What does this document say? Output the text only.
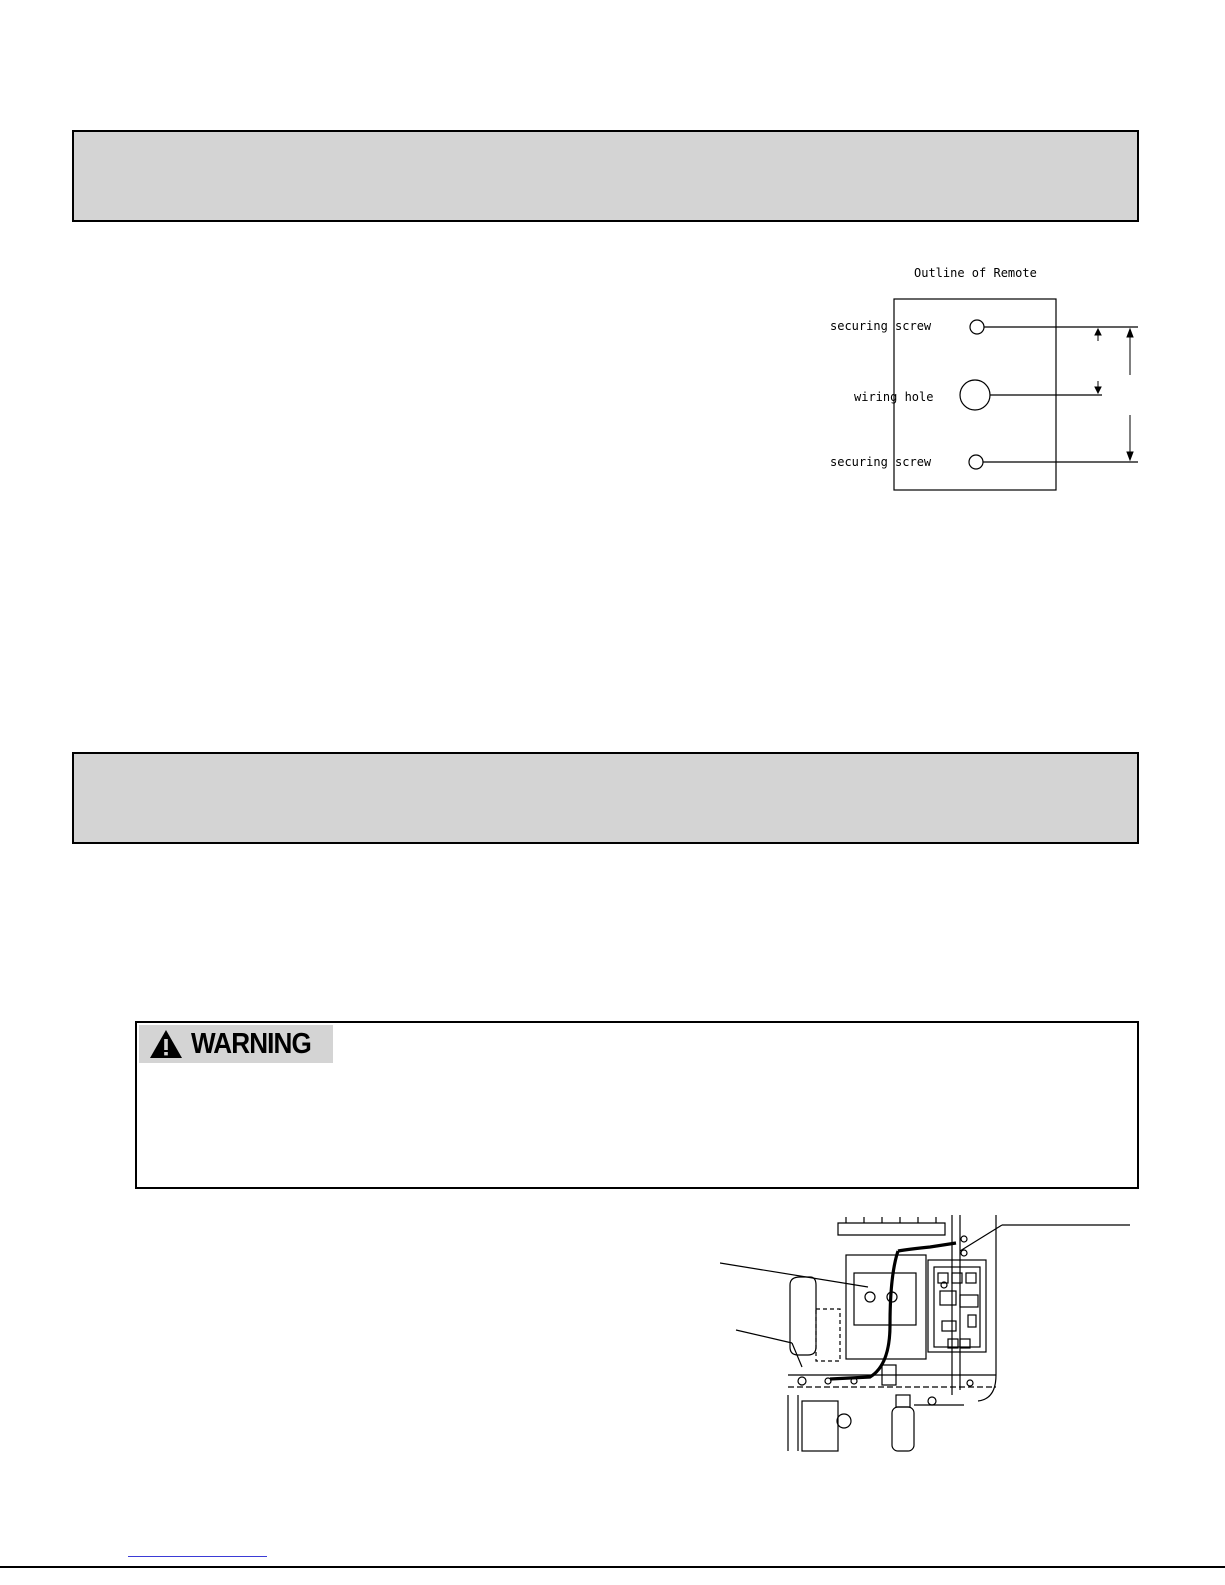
Outline of Remote
securing screw
wiring hole
securing screw
WARNING
